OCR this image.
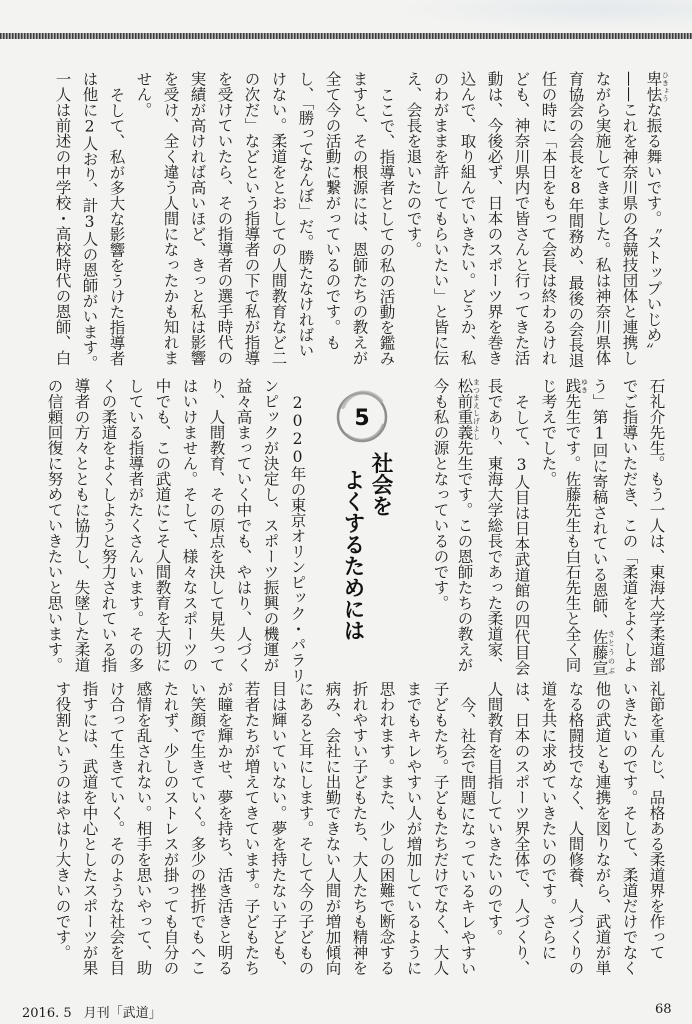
卑怯 ひきょうな振る舞いです。〝ストップいじめ〟
——これを神奈川県の各競技団体と連携し
ながら実施してきました。私は神奈川県体
育協会の会長を8年間務め、最後の会長退
任の時に「本日をもって会長は終わるけれ
ども、神奈川県内で皆さんと行ってきた活
動は、今後必ず、日本のスポーツ界を巻き
込んで、取り組んでいきたい。どうか、私
のわがままを許してもらいたい」と皆に伝
え、会長を退いたのです。
ここで、指導者としての私の活動を鑑み
ますと、その根源には、恩師たちの教えが
全て今の活動に繋がっているのです。も
し、「勝ってなんぼ」だ。勝たなければい
けない。柔道をとおしての人間教育など二
の次だ」などという指導者の下で私が指導
を受けていたら、その指導者の選手時代の
実績が高ければ高いほど、きっと私は影響
を受け、全く違う人間になったかも知れま
せん。
そして、私が多大な影響をうけた指導者
は他に2人おり、計3人の恩師がいます。
一人は前述の中学校・高校時代の恩師、白
石礼介先生。もう一人は、東海大学柔道部
でご指導いただき、この「柔道をよくしよ
う」第1回に寄稿されている恩師、佐藤宣 さとうのぶ
践 ゆき先生です。佐藤先生も白石先生と全く同
じ考えでした。
そして、3人目は日本武道館の四代目会
長であり、東海大学総長であった柔道家、
松前重義 まつまえしげよし先生です。この恩師たちの教えが
今も私の源となっているのです。
5
社会を
よくするためには
2020年の東京オリンピック・パラリ
ンピックが決定し、スポーツ振興の機運が
益々高まっていく中でも、やはり、人づく
り、人間教育、その原点を決して見失って
はいけません。そして、様々なスポーツの
中でも、この武道にこそ人間教育を大切に
している指導者がたくさんいます。その多
くの柔道をよくしようと努力されている指
導者の方々とともに協力し、失墜した柔道
の信頼回復に努めていきたいと思います。
礼節を重んじ、品格ある柔道界を作って
いきたいのです。そして、柔道だけでなく
他の武道とも連携を図りながら、武道が単
なる格闘技でなく、人間修養、人づくりの
道を共に求めていきたいのです。さらに
は、日本のスポーツ界全体で、人づくり、
人間教育を目指していきたいのです。
今、社会で問題になっているキレやすい
子どもたち。子どもたちだけでなく、大人
までもキレやすい人が増加しているように
思われます。また、少しの困難で断念する
折れやすい子どもたち、大人たちも精神を
病み、会社に出勤できない人間が増加傾向
にあると耳にします。そして今の子どもの
目は輝いていない。夢を持たない子ども、
若者たちが増えてきています。子どもたち
が瞳を輝かせ、夢を持ち、活き活きと明る
い笑顔で生きていく。多少の挫折でもへこ
たれず、少しのストレスが掛っても自分の
感情を乱されない。相手を思いやって、助
け合って生きていく。そのような社会を目
指すには、武道を中心としたスポーツが果
す役割というのはやはり大きいのです。
2016. 5 月刊「武道」	68
